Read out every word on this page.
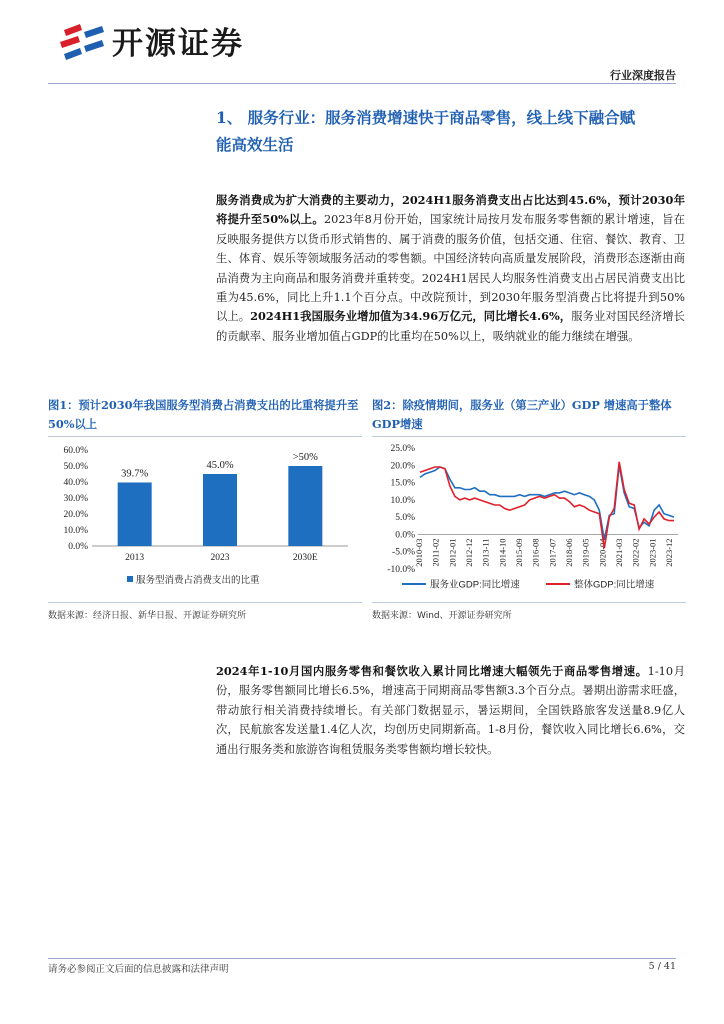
开源证券
行业深度报告
1、 服务行业：服务消费增速快于商品零售，线上线下融合赋
能高效生活
服务消费成为扩大消费的主要动力，2024H1服务消费支出占比达到45.6%，预计2030年将提升至50%以上。2023年8月份开始，国家统计局按月发布服务零售额的累计增速，旨在反映服务提供方以货币形式销售的、属于消费的服务价值，包括交通、住宿、餐饮、教育、卫生、体育、娱乐等领域服务活动的零售额。中国经济转向高质量发展阶段，消费形态逐渐由商品消费为主向商品和服务消费并重转变。2024H1居民人均服务性消费支出占居民消费支出比重为45.6%，同比上升1.1个百分点。中改院预计，到2030年服务型消费占比将提升到50%以上。2024H1我国服务业增加值为34.96万亿元，同比增长4.6%，服务业对国民经济增长的贡献率、服务业增加值占GDP的比重均在50%以上，吸纳就业的能力继续在增强。
图1：预计2030年我国服务型消费占消费支出的比重将提升至50%以上
0.0%
10.0%
20.0%
30.0%
40.0%
50.0%
60.0%
39.7%
2013
45.0%
2023
>50%
2030E
服务型消费占消费支出的比重
数据来源：经济日报、新华日报、开源证券研究所
图2：除疫情期间，服务业（第三产业）GDP 增速高于整体GDP增速
-10.0%
-5.0%
0.0%
5.0%
10.0%
15.0%
20.0%
25.0%
2010-03 2011-02 2012-01 2012-12 2013-11 2014-10 2015-09 2016-08 2017-07 2018-06 2019-05 2020-04 2021-03 2022-02 2023-01 2023-12
服务业GDP:同比增速	整体GDP:同比增速
数据来源：Wind、开源证券研究所
2024年1-10月国内服务零售和餐饮收入累计同比增速大幅领先于商品零售增速。1-10月份，服务零售额同比增长6.5%，增速高于同期商品零售额3.3个百分点。暑期出游需求旺盛，带动旅行相关消费持续增长。有关部门数据显示，暑运期间，全国铁路旅客发送量8.9亿人次，民航旅客发送量1.4亿人次，均创历史同期新高。1-8月份，餐饮收入同比增长6.6%，交通出行服务类和旅游咨询租赁服务类零售额均增长较快。
请务必参阅正文后面的信息披露和法律声明	5 / 41
